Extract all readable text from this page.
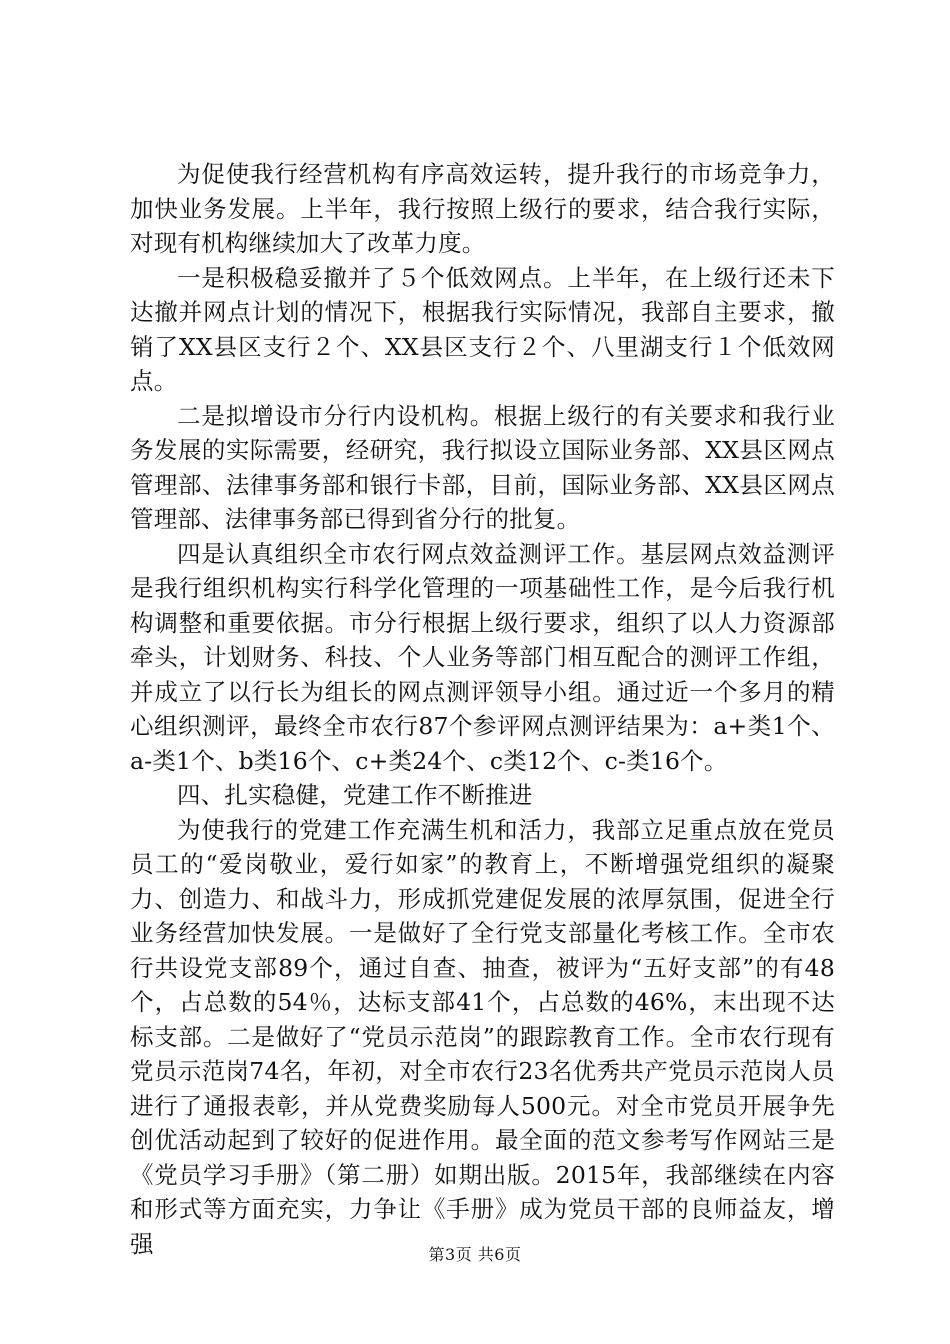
为促使我行经营机构有序高效运转，提升我行的市场竞争力，加快业务发展。上半年，我行按照上级行的要求，结合我行实际，对现有机构继续加大了改革力度。

一是积极稳妥撤并了５个低效网点。上半年，在上级行还未下达撤并网点计划的情况下，根据我行实际情况，我部自主要求，撤销了XX县区支行２个、XX县区支行２个、八里湖支行１个低效网点。

二是拟增设市分行内设机构。根据上级行的有关要求和我行业务发展的实际需要，经研究，我行拟设立国际业务部、XX县区网点管理部、法律事务部和银行卡部，目前，国际业务部、XX县区网点管理部、法律事务部已得到省分行的批复。

四是认真组织全市农行网点效益测评工作。基层网点效益测评是我行组织机构实行科学化管理的一项基础性工作，是今后我行机构调整和重要依据。市分行根据上级行要求，组织了以人力资源部牵头，计划财务、科技、个人业务等部门相互配合的测评工作组，并成立了以行长为组长的网点测评领导小组。通过近一个多月的精心组织测评，最终全市农行87个参评网点测评结果为：a+类1个、a-类1个、b类16个、c+类24个、c类12个、c-类16个。

四、扎实稳健，党建工作不断推进

为使我行的党建工作充满生机和活力，我部立足重点放在党员员工的“爱岗敬业，爱行如家”的教育上，不断增强党组织的凝聚力、创造力、和战斗力，形成抓党建促发展的浓厚氛围，促进全行业务经营加快发展。一是做好了全行党支部量化考核工作。全市农行共设党支部89个，通过自查、抽查，被评为“五好支部”的有48个，占总数的54％，达标支部41个，占总数的46%，末出现不达标支部。二是做好了“党员示范岗”的跟踪教育工作。全市农行现有党员示范岗74名，年初，对全市农行23名优秀共产党员示范岗人员进行了通报表彰，并从党费奖励每人500元。对全市党员开展争先创优活动起到了较好的促进作用。最全面的范文参考写作网站三是《党员学习手册》（第二册）如期出版。2015年，我部继续在内容和形式等方面充实，力争让《手册》成为党员干部的良师益友，增强	第3页 共6页
